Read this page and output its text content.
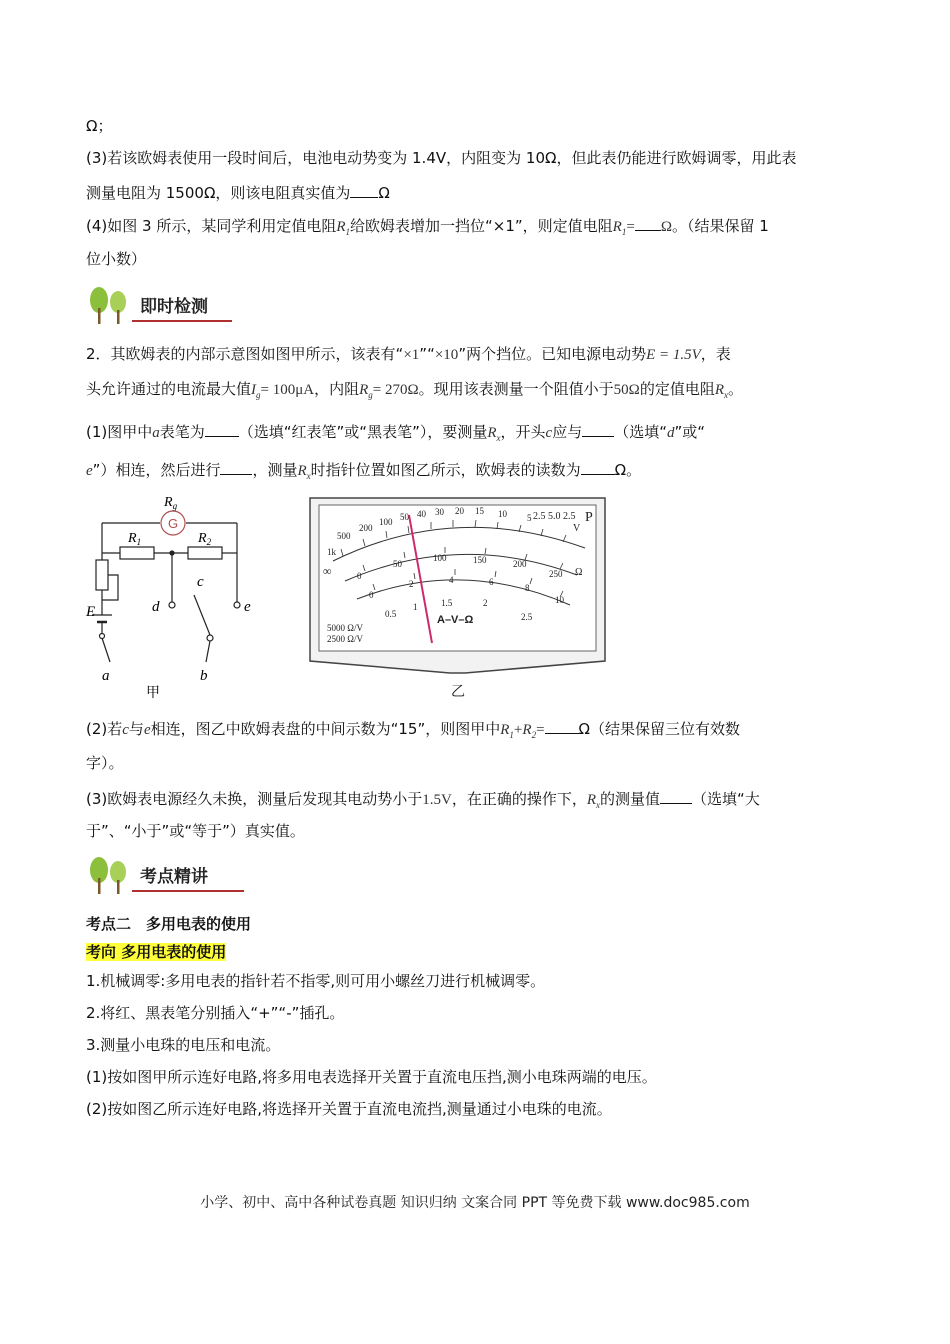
Ω；
(3)若该欧姆表使用一段时间后，电池电动势变为 1.4V，内阻变为 10Ω，但此表仍能进行欧姆调零，用此表
测量电阻为 1500Ω，则该电阻真实值为 Ω
(4)如图 3 所示，某同学利用定值电阻$R_1$给欧姆表增加一挡位“×1”，则定值电阻$R_1= \Omega$。（结果保留 1
位小数）
即时检测
2．其欧姆表的内部示意图如图甲所示，该表有“×1”“×10”两个挡位。已知电源电动势E = 1.5V，表
头允许通过的电流最大值$I_g= 100\mu A$，内阻$R_g= 270\Omega$。现用该表测量一个阻值小于50Ω的定值电阻$R_x$。
(1)图甲中a表笔为 （选填“红表笔”或“黑表笔”），要测量$R_x$，开头c应与 （选填“d”或“
e”）相连，然后进行 ，测量$R_x$时指针位置如图乙所示，欧姆表的读数为 Ω。
$R_g$
G
$R_1$	$R_2$
c
d	e
E
a	b
甲
1k
500
200
100 50 40 30 20 15 10 5
0
50
100	150	200
250
0
2	4	6
8
10
0.5
1	1.5	2
2.5
2.5 5.0 2.5
V
P
Ω
∞
A–V–Ω
5000 Ω/V
2500 Ω/V
乙
(2)若c与e相连，图乙中欧姆表盘的中间示数为“15”，则图甲中$R_1+R_2= \Omega$（结果保留三位有效数
字）。
(3)欧姆表电源经久未换，测量后发现其电动势小于1.5V，在正确的操作下，$R_x$的测量值 （选填“大
于”、“小于”或“等于”）真实值。
考点精讲
考点二　多用电表的使用
考向 多用电表的使用
1.机械调零:多用电表的指针若不指零,则可用小螺丝刀进行机械调零。
2.将红、黑表笔分别插入“+”“-”插孔。
3.测量小电珠的电压和电流。
(1)按如图甲所示连好电路,将多用电表选择开关置于直流电压挡,测小电珠两端的电压。
(2)按如图乙所示连好电路,将选择开关置于直流电流挡,测量通过小电珠的电流。
小学、初中、高中各种试卷真题 知识归纳 文案合同 PPT 等免费下载 www.doc985.com
